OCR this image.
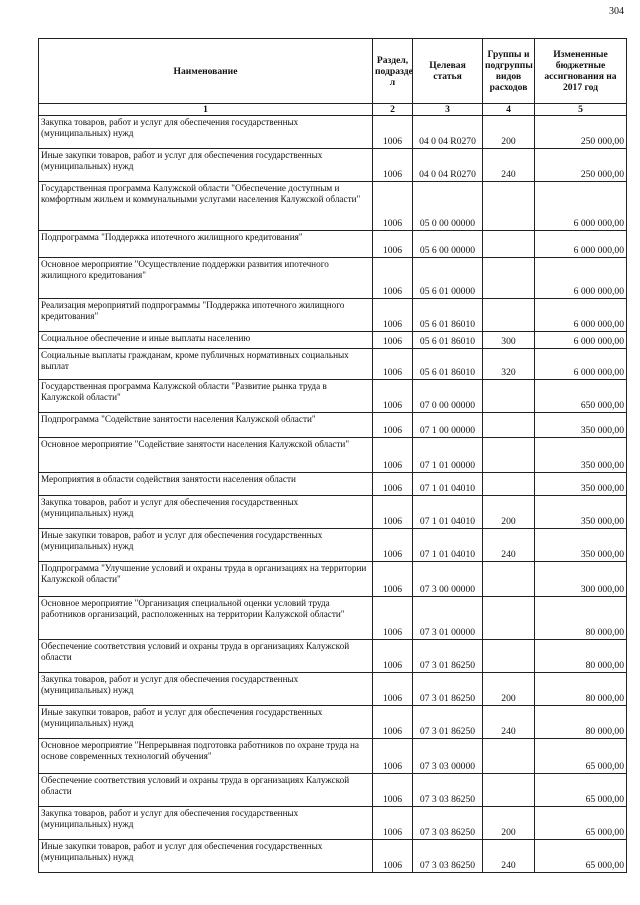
304
Наименование	Раздел, подразде л	Целевая статья	Группы и подгруппы видов расходов	Измененные бюджетные ассигнования на 2017 год
1	2	3	4	5
Закупка товаров, работ и услуг для обеспечения государственных (муниципальных) нужд	1006	04 0 04 R0270	200	250 000,00
Иные закупки товаров, работ и услуг для обеспечения государственных (муниципальных) нужд	1006	04 0 04 R0270	240	250 000,00
Государственная программа Калужской области "Обеспечение доступным и комфортным жильем и коммунальными услугами населения Калужской области"	1006	05 0 00 00000		6 000 000,00
Подпрограмма "Поддержка ипотечного жилищного кредитования"	1006	05 6 00 00000		6 000 000,00
Основное мероприятие "Осуществление поддержки развития ипотечного жилищного кредитования"	1006	05 6 01 00000		6 000 000,00
Реализация мероприятий подпрограммы "Поддержка ипотечного жилищного кредитования"	1006	05 6 01 86010		6 000 000,00
Социальное обеспечение и иные выплаты населению	1006	05 6 01 86010	300	6 000 000,00
Социальные выплаты гражданам, кроме публичных нормативных социальных выплат	1006	05 6 01 86010	320	6 000 000,00
Государственная программа Калужской области "Развитие рынка труда в Калужской области"	1006	07 0 00 00000		650 000,00
Подпрограмма "Содействие занятости населения Калужской области"	1006	07 1 00 00000		350 000,00
Основное мероприятие "Содействие занятости населения Калужской области"	1006	07 1 01 00000		350 000,00
Мероприятия в области содействия занятости населения области	1006	07 1 01 04010		350 000,00
Закупка товаров, работ и услуг для обеспечения государственных (муниципальных) нужд	1006	07 1 01 04010	200	350 000,00
Иные закупки товаров, работ и услуг для обеспечения государственных (муниципальных) нужд	1006	07 1 01 04010	240	350 000,00
Подпрограмма "Улучшение условий и охраны труда в организациях на территории Калужской области"	1006	07 3 00 00000		300 000,00
Основное мероприятие "Организация специальной оценки условий труда работников организаций, расположенных на территории Калужской области"	1006	07 3 01 00000		80 000,00
Обеспечение соответствия условий и охраны труда в организациях Калужской области	1006	07 3 01 86250		80 000,00
Закупка товаров, работ и услуг для обеспечения государственных (муниципальных) нужд	1006	07 3 01 86250	200	80 000,00
Иные закупки товаров, работ и услуг для обеспечения государственных (муниципальных) нужд	1006	07 3 01 86250	240	80 000,00
Основное мероприятие "Непрерывная подготовка работников по охране труда на основе современных технологий обучения"	1006	07 3 03 00000		65 000,00
Обеспечение соответствия условий и охраны труда в организациях Калужской области	1006	07 3 03 86250		65 000,00
Закупка товаров, работ и услуг для обеспечения государственных (муниципальных) нужд	1006	07 3 03 86250	200	65 000,00
Иные закупки товаров, работ и услуг для обеспечения государственных (муниципальных) нужд	1006	07 3 03 86250	240	65 000,00
